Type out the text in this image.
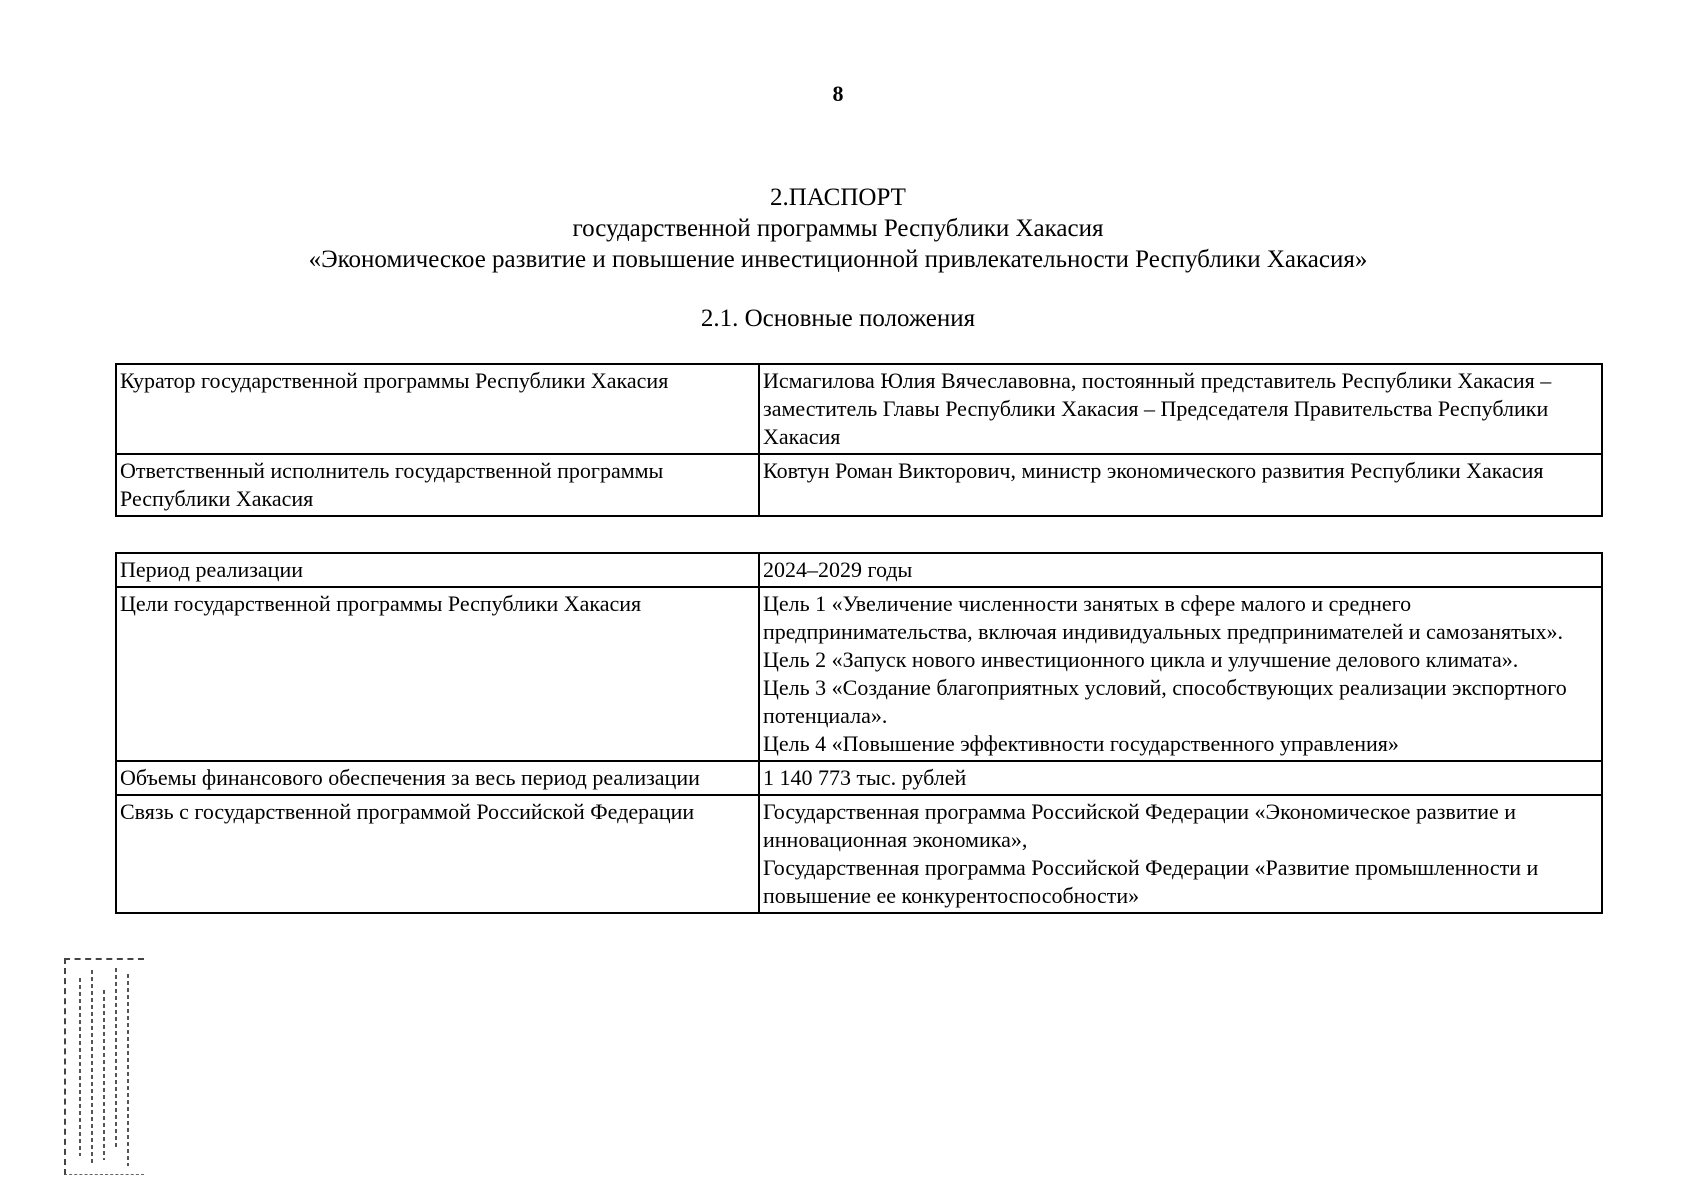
8
2.ПАСПОРТ
государственной программы Республики Хакасия
«Экономическое развитие и повышение инвестиционной привлекательности Республики Хакасия»
2.1. Основные положения
Куратор государственной программы Республики Хакасия	Исмагилова Юлия Вячеславовна, постоянный представитель Республики Хакасия – заместитель Главы Республики Хакасия – Председателя Правительства Республики Хакасия
Ответственный исполнитель государственной программы Республики Хакасия	Ковтун Роман Викторович, министр экономического развития Республики Хакасия
Период реализации	2024–2029 годы
Цели государственной программы Республики Хакасия	Цель 1 «Увеличение численности занятых в сфере малого и среднего предпринимательства, включая индивидуальных предпринимателей и самозанятых».

Цель 2 «Запуск нового инвестиционного цикла и улучшение делового климата».

Цель 3 «Создание благоприятных условий, способствующих реализации экспортного потенциала».

Цель 4 «Повышение эффективности государственного управления»

Объемы финансового обеспечения за весь период реализации	1 140 773 тыс. рублей
Связь с государственной программой Российской Федерации	Государственная программа Российской Федерации «Экономическое развитие и инновационная экономика»,

Государственная программа Российской Федерации «Развитие промышленности и повышение ее конкурентоспособности»
